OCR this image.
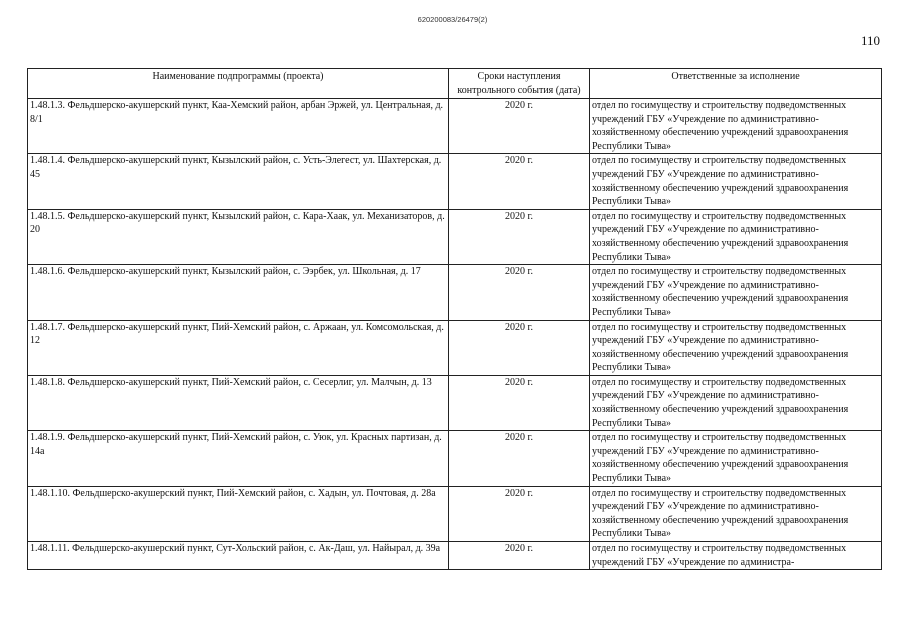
620200083/26479(2)
110
Наименование подпрограммы (проекта)	Сроки наступления контрольного события (дата)	Ответственные за исполнение
1.48.1.3. Фельдшерско-акушерский пункт, Каа-Хемский район, арбан Эржей, ул. Центральная, д. 8/1	2020 г.	отдел по госимуществу и строительству подведомственных учреждений ГБУ «Учреждение по административно-хозяйственному обеспечению учреждений здравоохранения Республики Тыва»
1.48.1.4. Фельдшерско-акушерский пункт, Кызылский район, с. Усть-Элегест, ул. Шахтерская, д. 45	2020 г.	отдел по госимуществу и строительству подведомственных учреждений ГБУ «Учреждение по административно-хозяйственному обеспечению учреждений здравоохранения Республики Тыва»
1.48.1.5. Фельдшерско-акушерский пункт, Кызылский район, с. Кара-Хаак, ул. Механизаторов, д. 20	2020 г.	отдел по госимуществу и строительству подведомственных учреждений ГБУ «Учреждение по административно-хозяйственному обеспечению учреждений здравоохранения Республики Тыва»
1.48.1.6. Фельдшерско-акушерский пункт, Кызылский район, с. Ээрбек, ул. Школьная, д. 17	2020 г.	отдел по госимуществу и строительству подведомственных учреждений ГБУ «Учреждение по административно-хозяйственному обеспечению учреждений здравоохранения Республики Тыва»
1.48.1.7. Фельдшерско-акушерский пункт, Пий-Хемский район, с. Аржаан, ул. Комсомольская, д. 12	2020 г.	отдел по госимуществу и строительству подведомственных учреждений ГБУ «Учреждение по административно-хозяйственному обеспечению учреждений здравоохранения Республики Тыва»
1.48.1.8. Фельдшерско-акушерский пункт, Пий-Хемский район, с. Сесерлиг, ул. Малчын, д. 13	2020 г.	отдел по госимуществу и строительству подведомственных учреждений ГБУ «Учреждение по административно-хозяйственному обеспечению учреждений здравоохранения Республики Тыва»
1.48.1.9. Фельдшерско-акушерский пункт, Пий-Хемский район, с. Уюк, ул. Красных партизан, д. 14а	2020 г.	отдел по госимуществу и строительству подведомственных учреждений ГБУ «Учреждение по административно-хозяйственному обеспечению учреждений здравоохранения Республики Тыва»
1.48.1.10. Фельдшерско-акушерский пункт, Пий-Хемский район, с. Хадын, ул. Почтовая, д. 28а	2020 г.	отдел по госимуществу и строительству подведомственных учреждений ГБУ «Учреждение по административно-хозяйственному обеспечению учреждений здравоохранения Республики Тыва»
1.48.1.11. Фельдшерско-акушерский пункт, Сут-Хольский район, с. Ак-Даш, ул. Найырал, д. 39а	2020 г.	отдел по госимуществу и строительству подведомственных учреждений ГБУ «Учреждение по администра-
